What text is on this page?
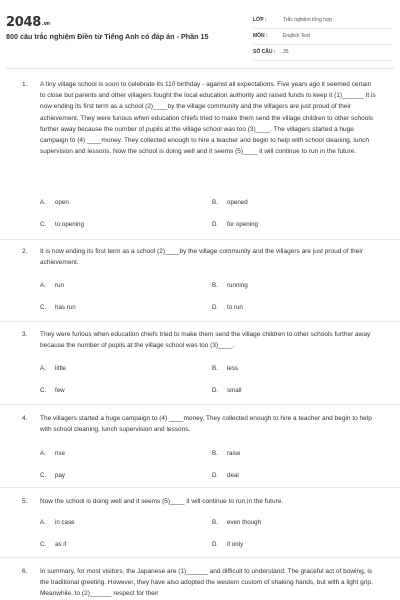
2048.vn
800 câu trắc nghiệm Điền từ Tiếng Anh có đáp án - Phần 15
LỚP :	Trắc nghiệm tổng hợp
MÔN :	English Test
SỐ CÂU : 35
1. A tiny village school is soon to celebrate its 110 birthday - against all expectations. Five years ago it seemed certain to close but parents and other villagers fought the local education authority and raised funds to keep it (1)______ It is now ending its first term as a school (2)____by the village community and the villagers are just proud of their achievement. They were furious when education chiefs tried to make them send the village children to other schools further away because the number of pupils at the village school was too (3)____. The villagers started a huge campaign to (4) ____money. They collected enough to hire a teacher and begin to help with school cleaning, lunch supervision and lessons. Now the school is doing well and it seems (5)____ it will continue to run in the future.
A. open	B. opened
C. to opening	D. for opening
2. It is now ending its first term as a school (2)____by the village community and the villagers are just proud of their achievement.
A. run	B. running
C. has run	D. to run
3. They were furious when education chiefs tried to make them send the village children to other schools further away because the number of pupils at the village school was too (3)____.
A. little	B. less
C. few	D. small
4. The villagers started a huge campaign to (4) ____money. They collected enough to hire a teacher and begin to help with school cleaning, lunch supervision and lessons.
A. rise	B. raise
C. pay	D. deal
5. Now the school is doing well and it seems (5)____ it will continue to run in the future.
A. in case	B. even though
C. as if	D. if only
6. In summary, for most visitors, the Japanese are (1)______ and difficult to understand. The graceful act of bowing, is the traditional greeting. However, they have also adopted the western custom of shaking hands, but with a light grip. Meanwhile, to (2)______ respect for their
